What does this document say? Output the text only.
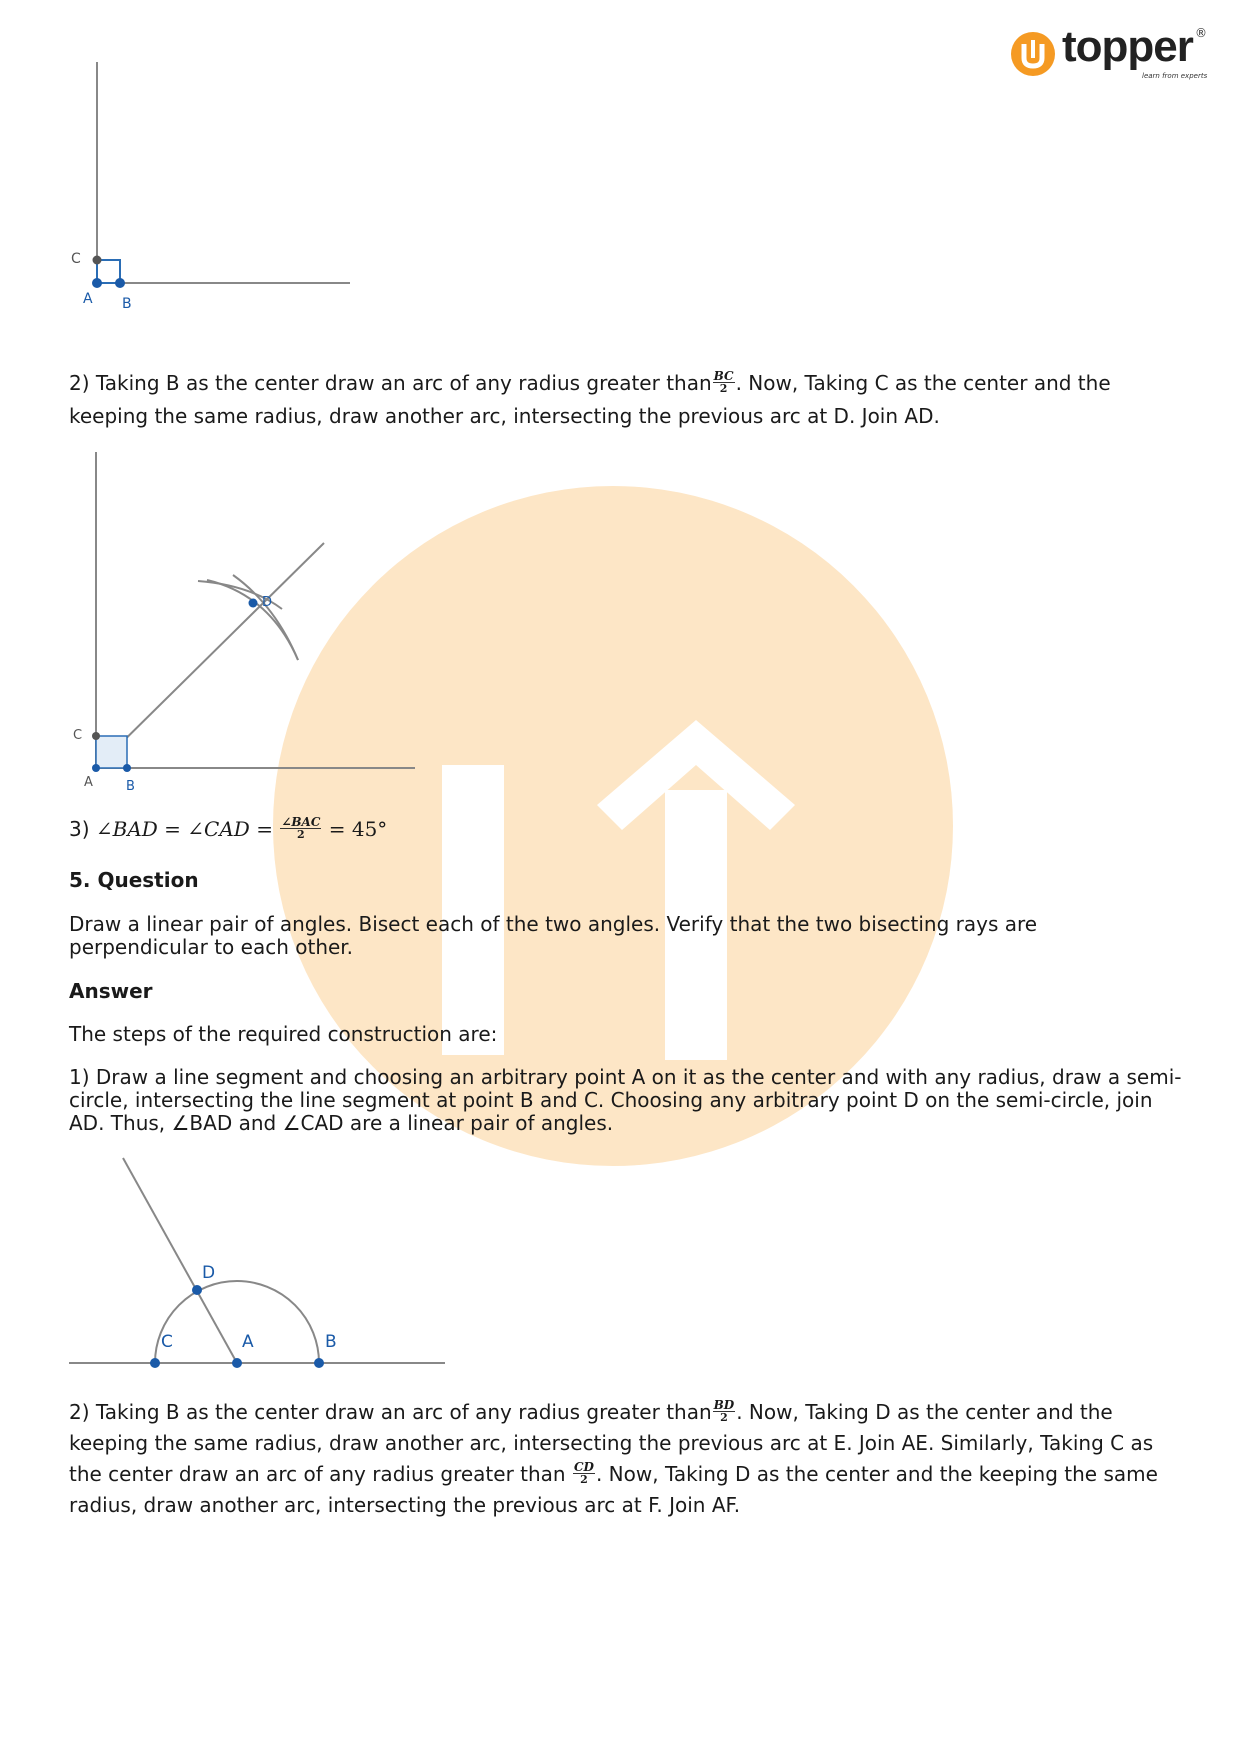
topper ®
learn from experts
C
A B

2) Taking B as the center draw an arc of any radius greater than $\frac{BC}{2}$ . Now, Taking C as the center and the
keeping the same radius, draw another arc, intersecting the previous arc at D. Join AD.

D
C
A	B

3) ∠BAD = ∠CAD = $\frac{\text{∠BAC}}{2} = 45^\circ$

5. Question

Draw a linear pair of angles. Bisect each of the two angles. Verify that the two bisecting rays are perpendicular to each other.

Answer

The steps of the required construction are:

1) Draw a line segment and choosing an arbitrary point A on it as the center and with any radius, draw a semi-circle, intersecting the line segment at point B and C. Choosing any arbitrary point D on the semi-circle, join AD. Thus, ∠BAD and ∠CAD are a linear pair of angles.

D
C	A	B

2) Taking B as the center draw an arc of any radius greater than $\frac{BD}{2}$ . Now, Taking D as the center and the keeping the same radius, draw another arc, intersecting the previous arc at E. Join AE. Similarly, Taking C as the center draw an arc of any radius greater than $\frac{CD}{2}$ . Now, Taking D as the center and the keeping the same radius, draw another arc, intersecting the previous arc at F. Join AF.
